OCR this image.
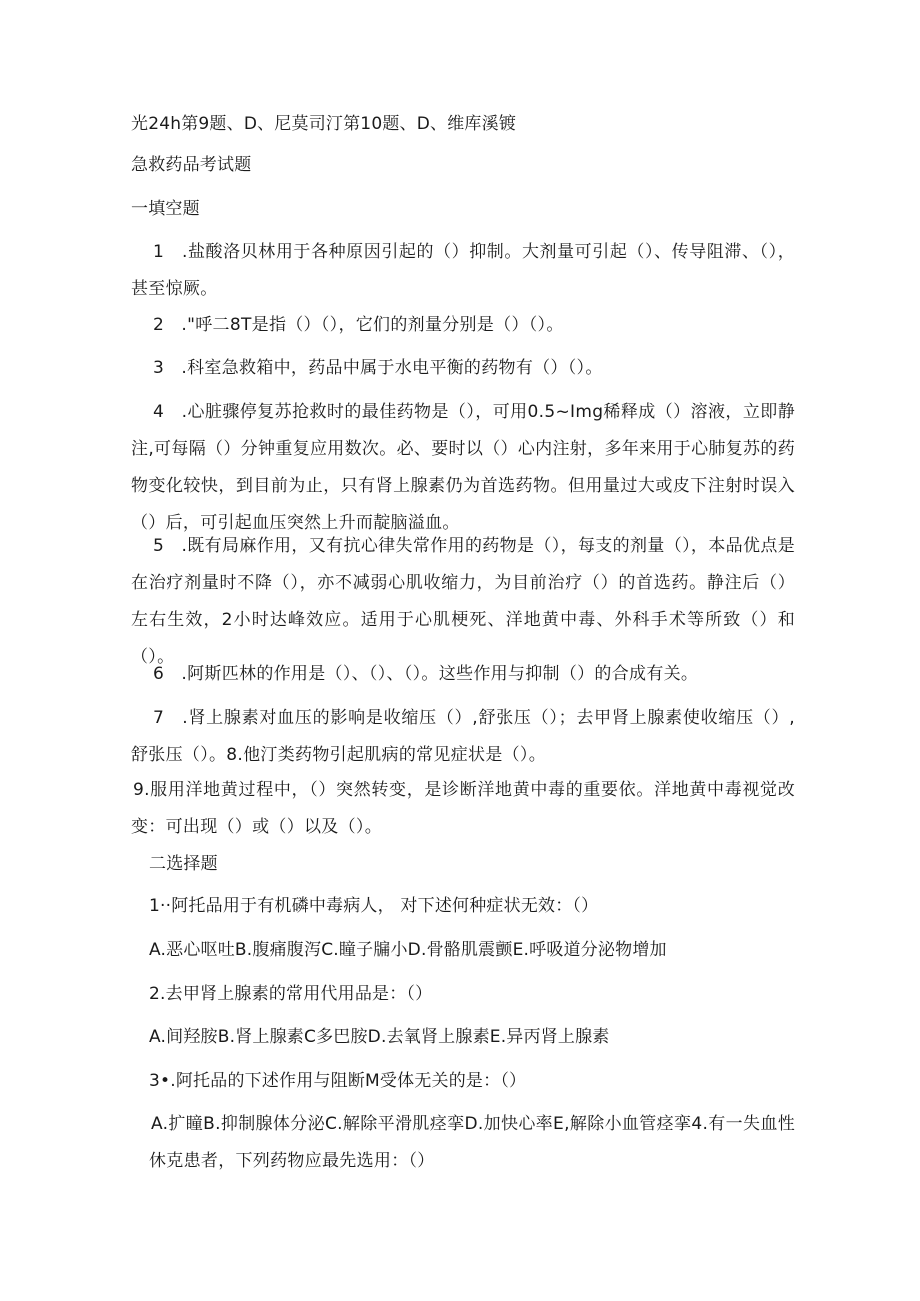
光24h第9题、D、尼莫司汀第10题、D、维库溪镀
急救药品考试题
一填空题
1　.盐酸洛贝林用于各种原因引起的（）抑制。大剂量可引起（）、传导阻滞、（），甚至惊厥。
2　."呼二8T是指（）（），它们的剂量分别是（）（）。
3　.科室急救箱中，药品中属于水电平衡的药物有（）（）。
4　.心脏骤停复苏抢救时的最佳药物是（），可用0.5~Img稀释成（）溶液，立即静注,可每隔（）分钟重复应用数次。必、要时以（）心内注射，多年来用于心肺复苏的药物变化较快，到目前为止，只有肾上腺素仍为首选药物。但用量过大或皮下注射时误入（）后，可引起血压突然上升而靛脑溢血。
5　.既有局麻作用，又有抗心律失常作用的药物是（），每支的剂量（），本品优点是在治疗剂量时不降（），亦不减弱心肌收缩力，为目前治疗（）的首选药。静注后（）左右生效，2小时达峰效应。适用于心肌梗死、洋地黄中毒、外科手术等所致（）和（）。
6　.阿斯匹林的作用是（）、（）、（）。这些作用与抑制（）的合成有关。
7　.肾上腺素对血压的影响是收缩压（）,舒张压（）；去甲肾上腺素使收缩压（）,舒张压（）。8.他汀类药物引起肌病的常见症状是（）。
9.服用洋地黄过程中，（）突然转变，是诊断洋地黄中毒的重要依。洋地黄中毒视觉改变：可出现（）或（）以及（）。
二选择题
1··阿托品用于有机磷中毒病人， 对下述何种症状无效：（）
A.恶心呕吐B.腹痛腹泻C.瞳子牖小D.骨骼肌震颤E.呼吸道分泌物增加
2.去甲肾上腺素的常用代用品是：（）
A.间羟胺B.肾上腺素C多巴胺D.去氧肾上腺素E.异丙肾上腺素
3•.阿托品的下述作用与阻断M受体无关的是：（）
A.扩瞳B.抑制腺体分泌C.解除平滑肌痉挛D.加快心率E,解除小血管痉挛4.有一失血性休克患者，下列药物应最先选用：（）
